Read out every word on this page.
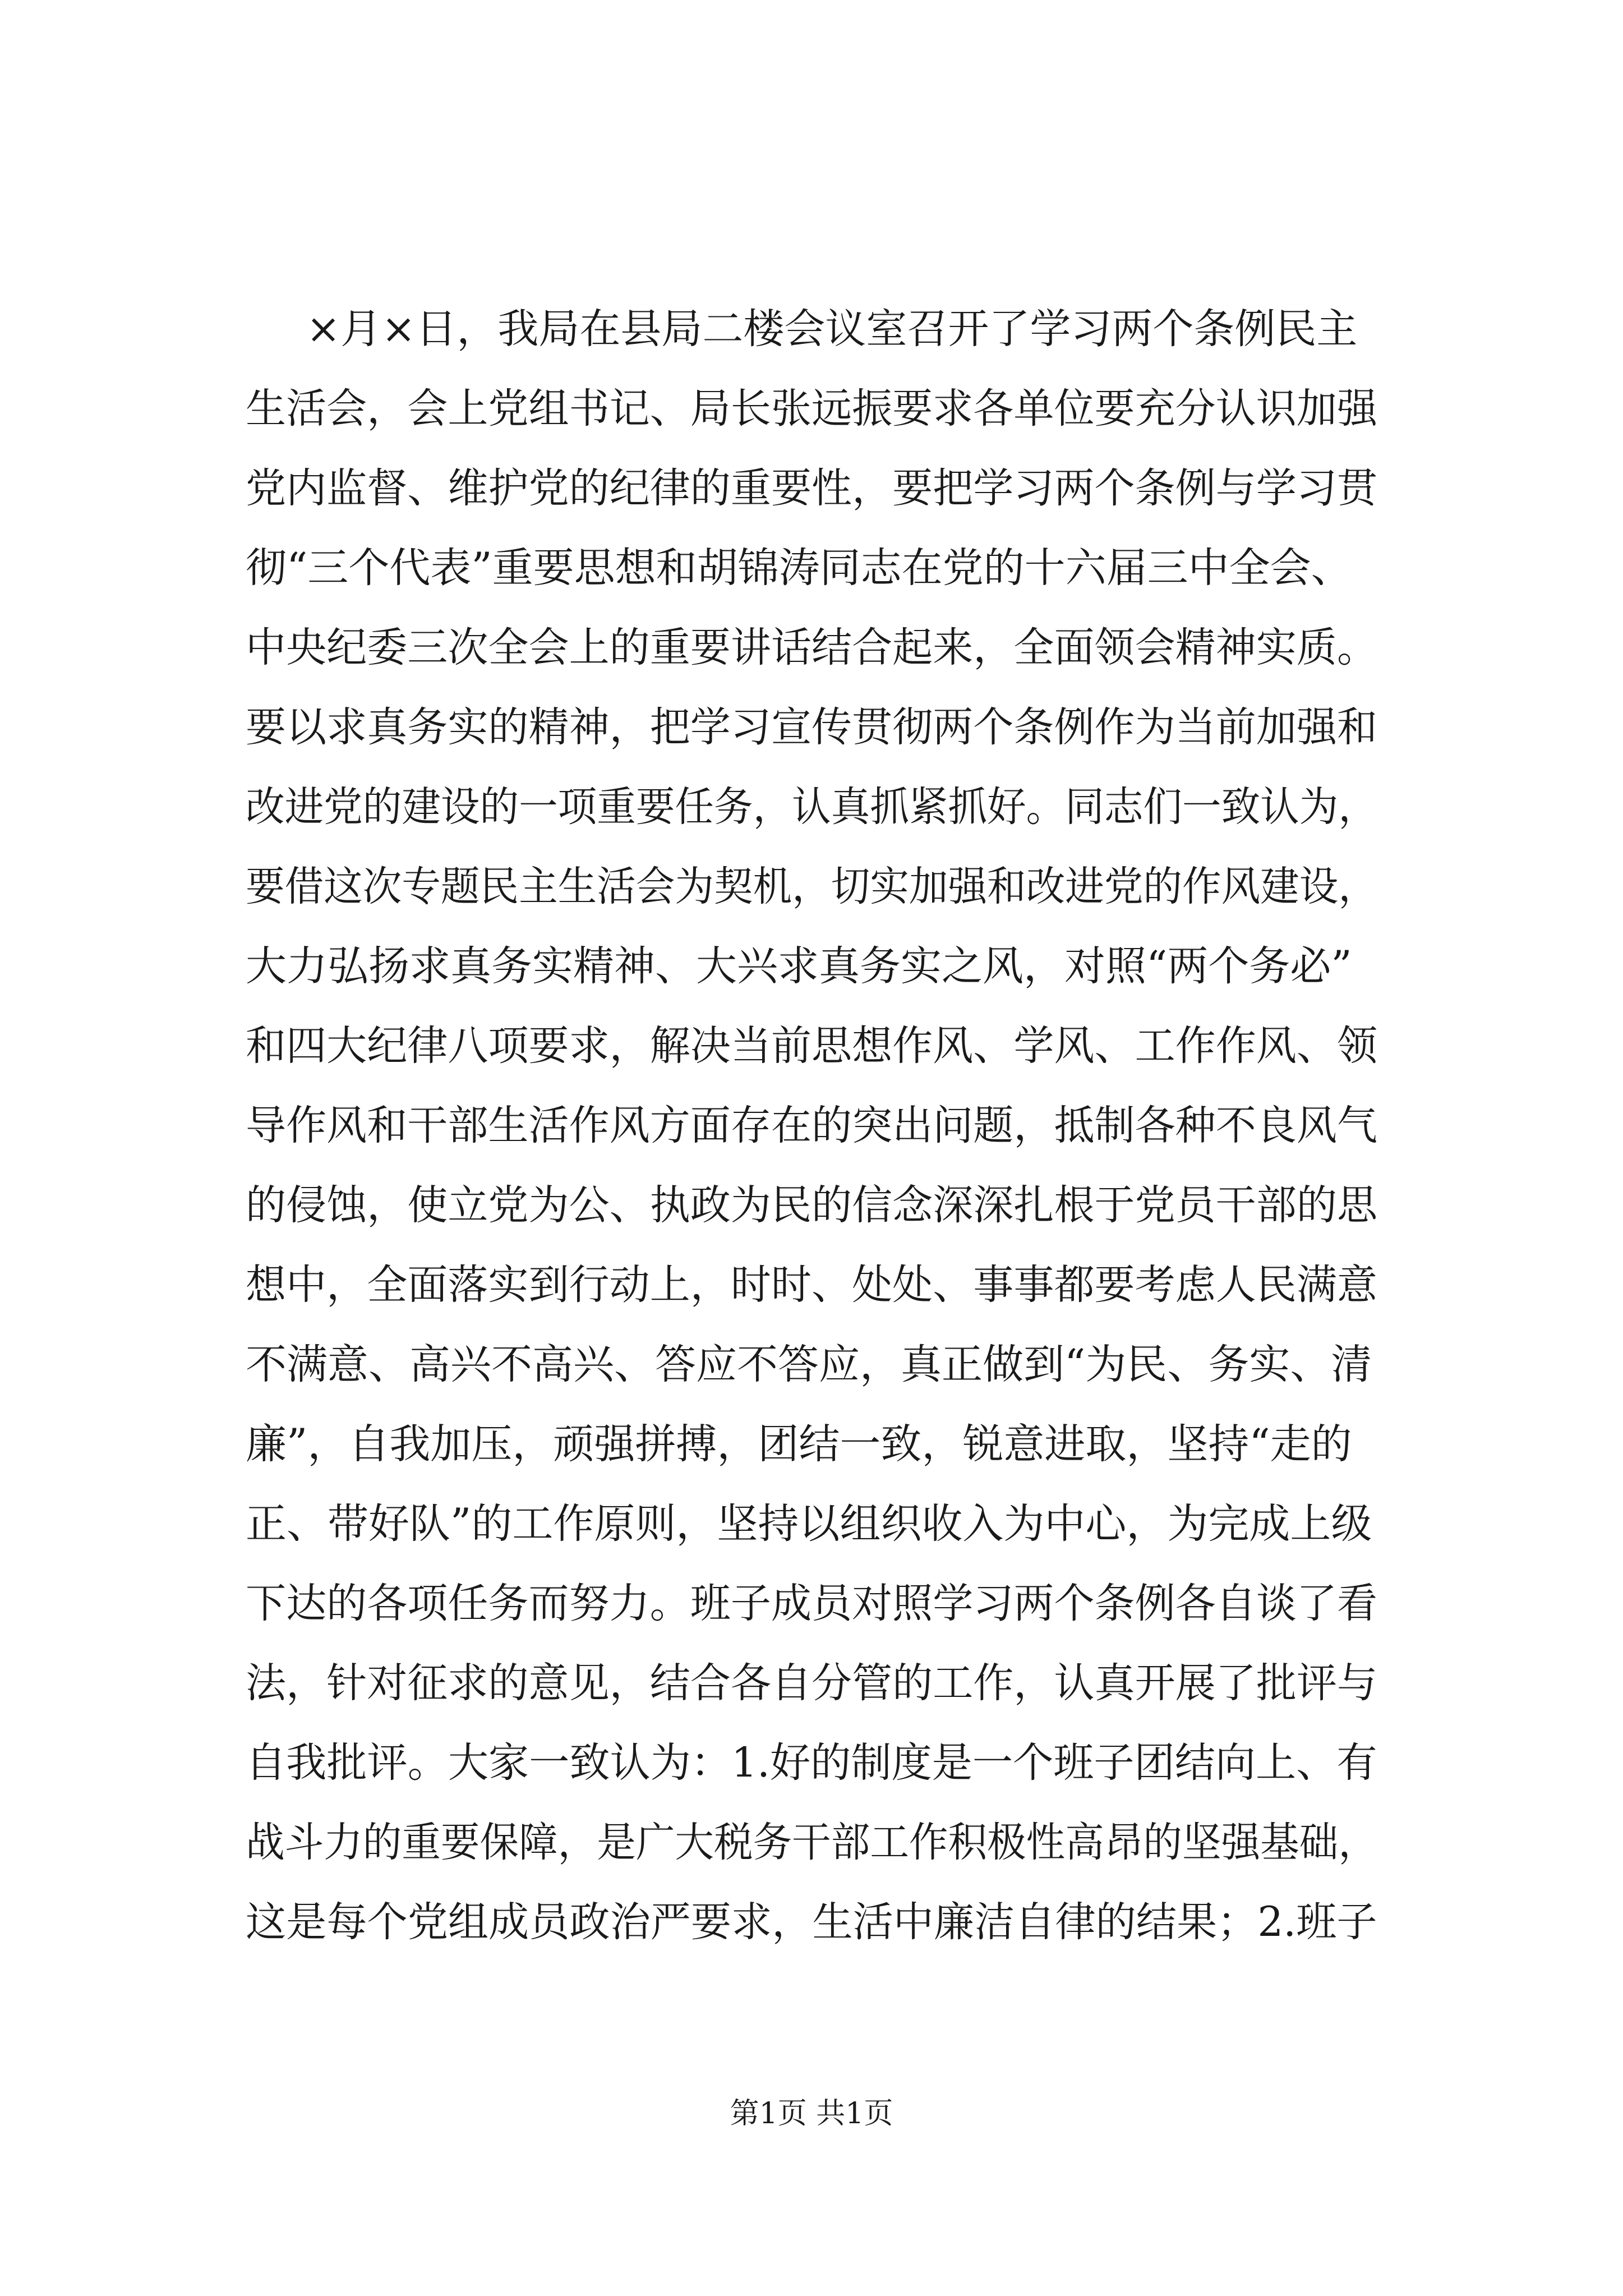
×月×日，我局在县局二楼会议室召开了学习两个条例民主
生活会，会上党组书记、局长张远振要求各单位要充分认识加强
党内监督、维护党的纪律的重要性，要把学习两个条例与学习贯
彻“三个代表”重要思想和胡锦涛同志在党的十六届三中全会、
中央纪委三次全会上的重要讲话结合起来，全面领会精神实质。
要以求真务实的精神，把学习宣传贯彻两个条例作为当前加强和
改进党的建设的一项重要任务，认真抓紧抓好。同志们一致认为，
要借这次专题民主生活会为契机，切实加强和改进党的作风建设，
大力弘扬求真务实精神、大兴求真务实之风，对照“两个务必”
和四大纪律八项要求，解决当前思想作风、学风、工作作风、领
导作风和干部生活作风方面存在的突出问题，抵制各种不良风气
的侵蚀，使立党为公、执政为民的信念深深扎根于党员干部的思
想中，全面落实到行动上，时时、处处、事事都要考虑人民满意
不满意、高兴不高兴、答应不答应，真正做到“为民、务实、清
廉”，自我加压，顽强拼搏，团结一致，锐意进取，坚持“走的
正、带好队”的工作原则，坚持以组织收入为中心，为完成上级
下达的各项任务而努力。班子成员对照学习两个条例各自谈了看
法，针对征求的意见，结合各自分管的工作，认真开展了批评与
自我批评。大家一致认为：1.好的制度是一个班子团结向上、有
战斗力的重要保障，是广大税务干部工作积极性高昂的坚强基础，
这是每个党组成员政治严要求，生活中廉洁自律的结果；2.班子
第1页 共1页
